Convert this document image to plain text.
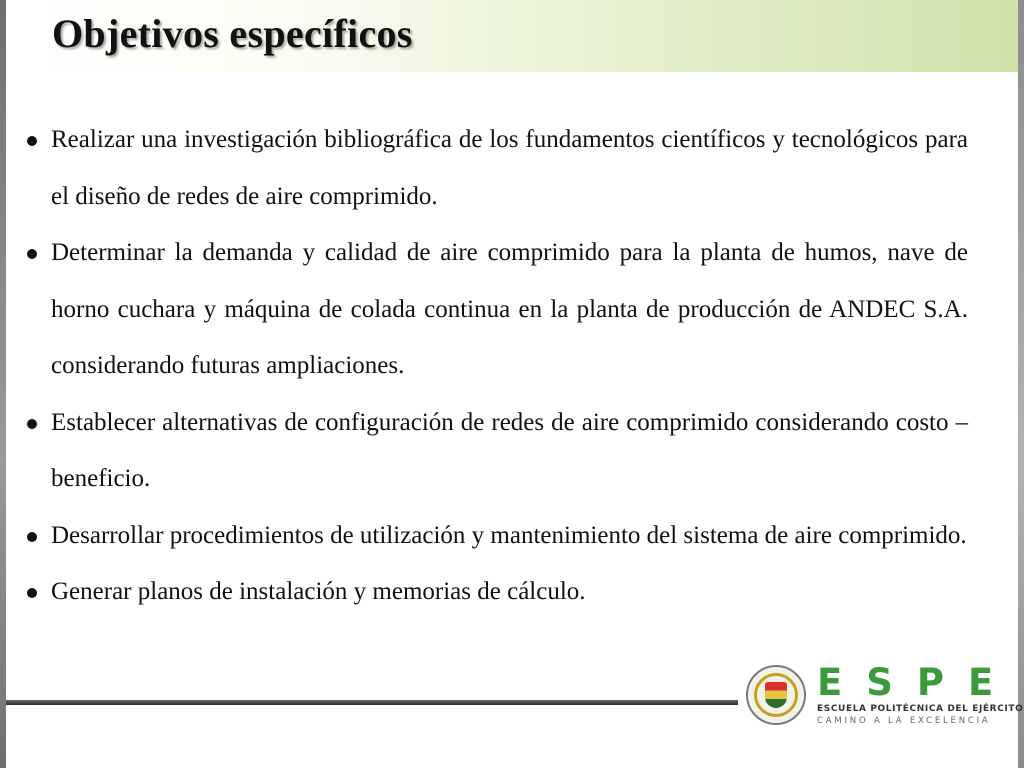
Objetivos específicos
Realizar una investigación bibliográfica de los fundamentos científicos y tecnológicos para el diseño de redes de aire comprimido.
Determinar la demanda y calidad de aire comprimido para la planta de humos, nave de horno cuchara y máquina de colada continua en la planta de producción de ANDEC S.A. considerando futuras ampliaciones.
Establecer alternativas de configuración de redes de aire comprimido considerando costo – beneficio.
Desarrollar procedimientos de utilización y mantenimiento del sistema de aire comprimido.
Generar planos de instalación y memorias de cálculo.
ESPE
ESCUELA POLITÉCNICA DEL EJÉRCITO
CAMINO A LA EXCELENCIA
